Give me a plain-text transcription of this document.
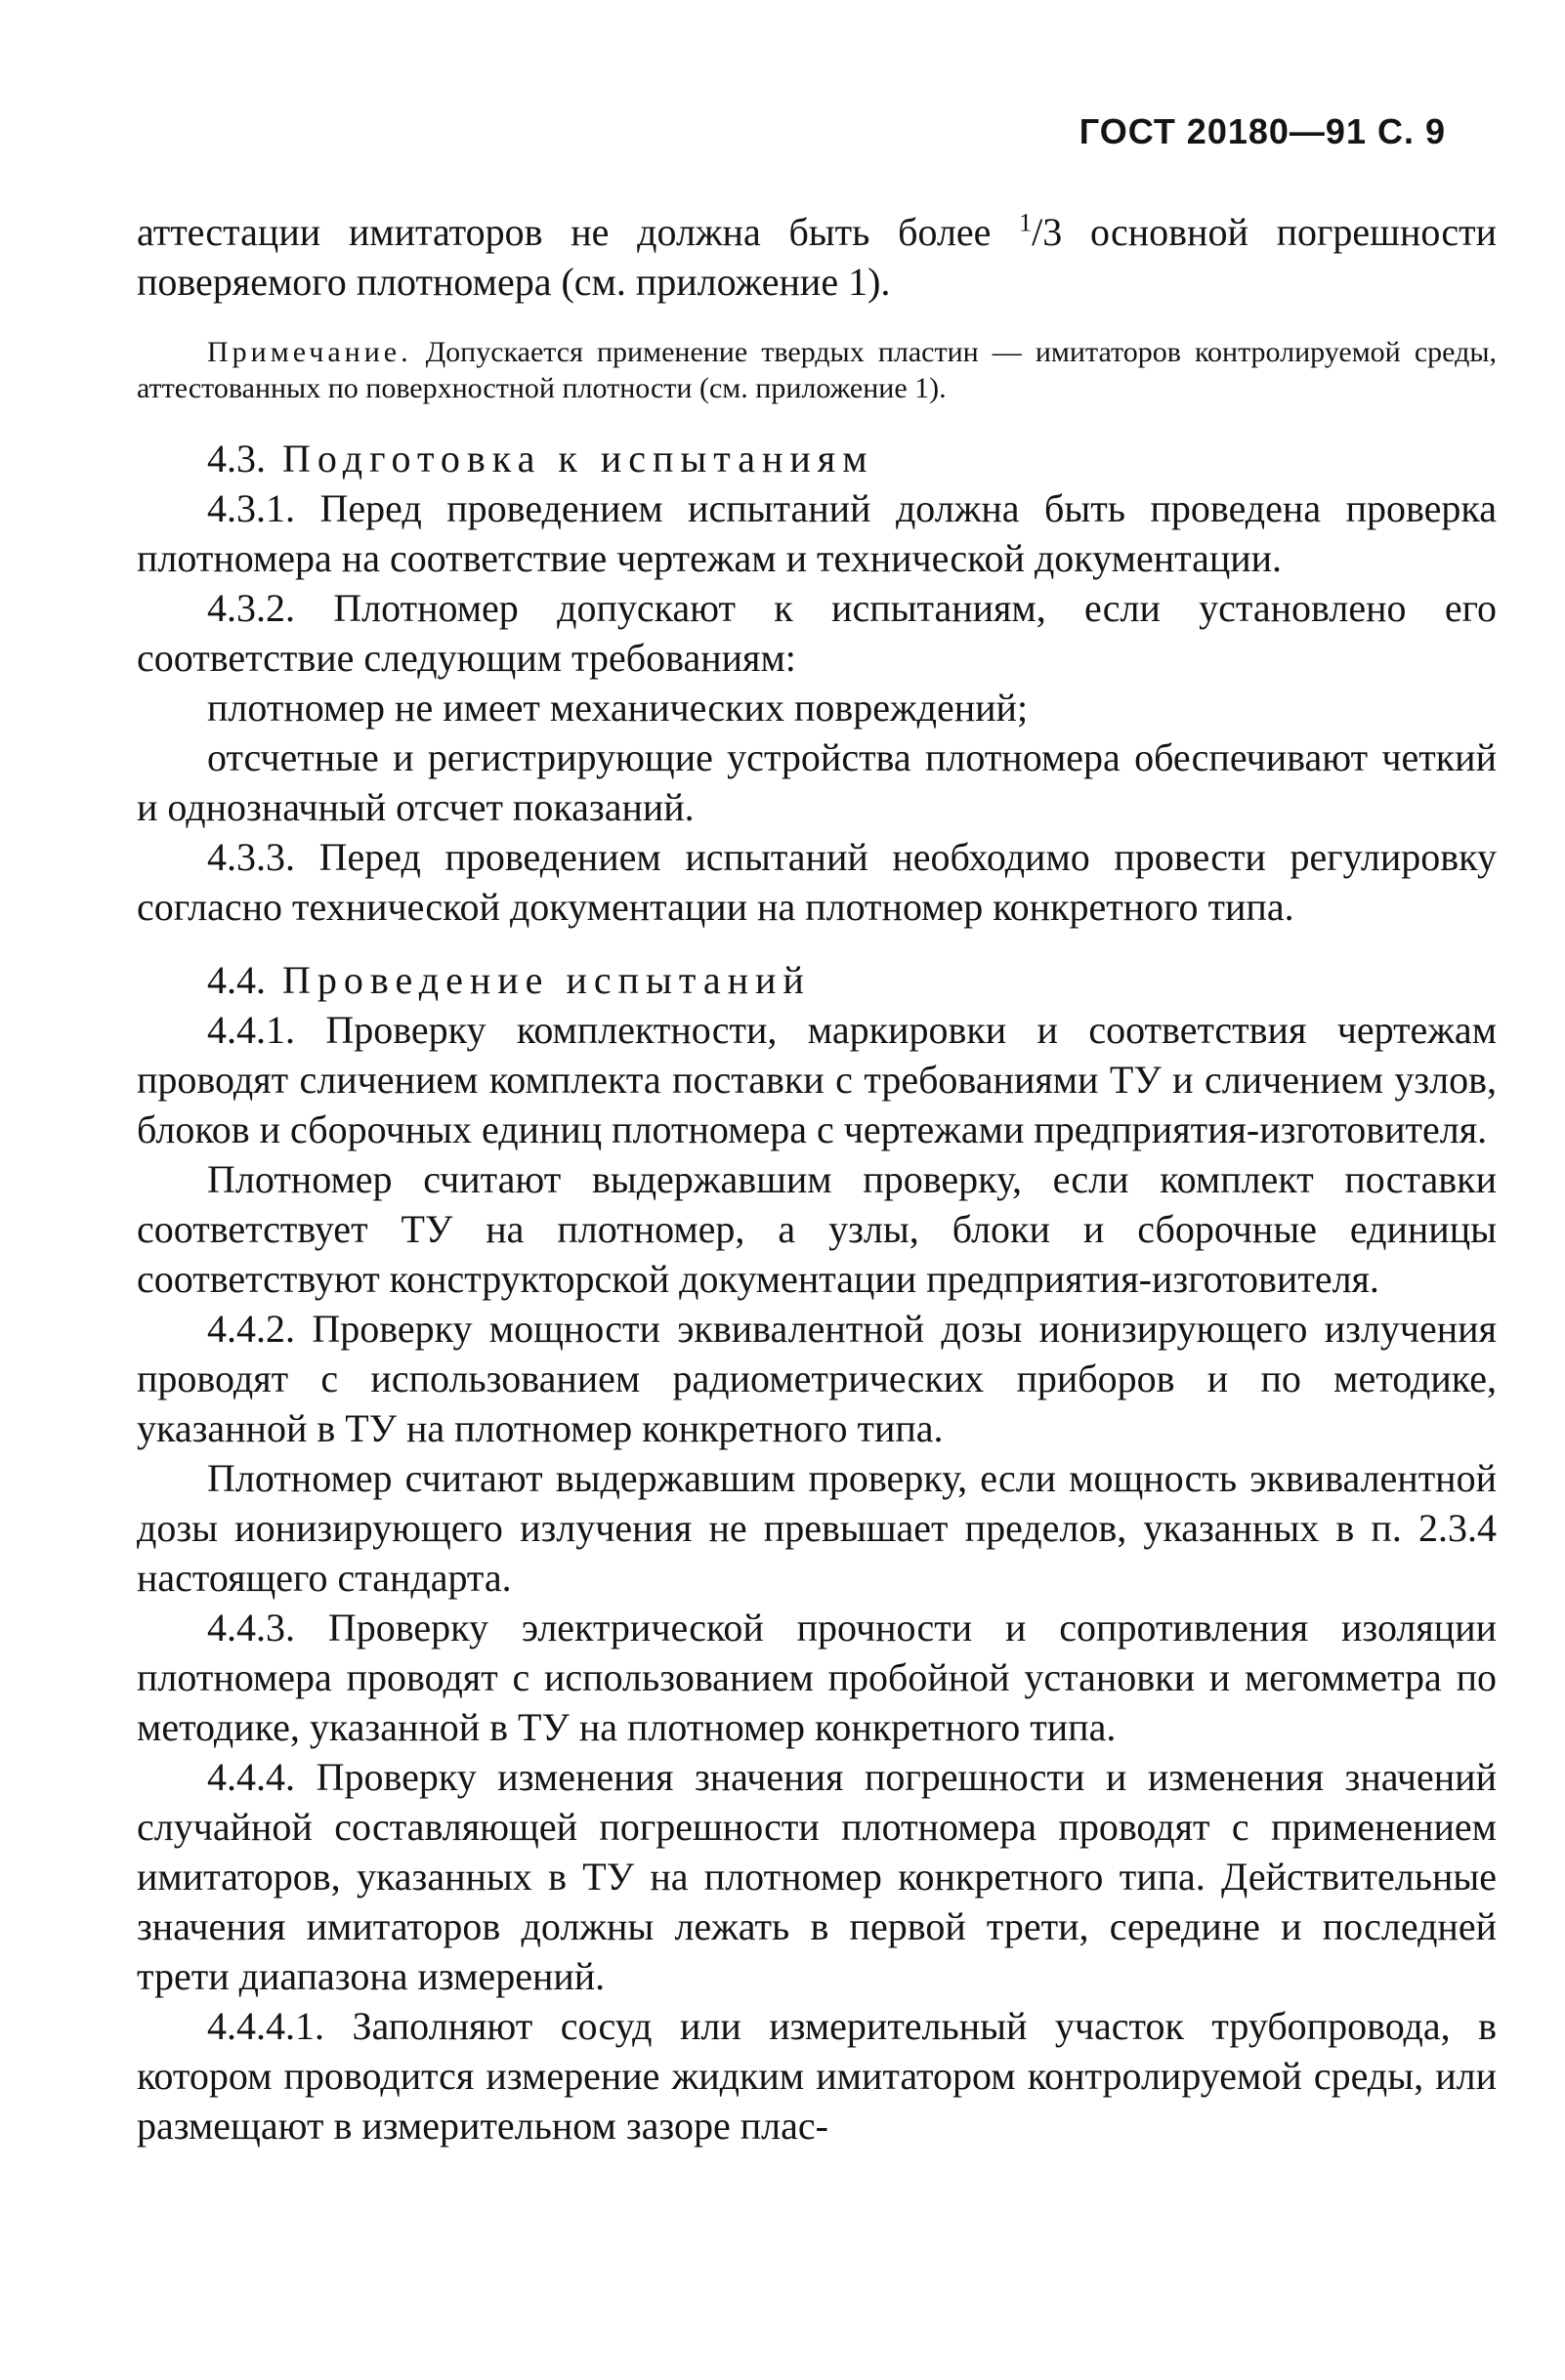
ГОСТ 20180—91 С. 9

аттестации имитаторов не должна быть более $^1$/3 основной погрешности поверяемого плотномера (см. приложение 1).

Примечание. Допускается применение твердых пластин — имитаторов контролируемой среды, аттестованных по поверхностной плотности (см. приложение 1).

4.3. Подготовка к испытаниям

4.3.1. Перед проведением испытаний должна быть проведена проверка плотномера на соответствие чертежам и технической документации.

4.3.2. Плотномер допускают к испытаниям, если установлено его соответствие следующим требованиям:

плотномер не имеет механических повреждений;

отсчетные и регистрирующие устройства плотномера обеспечивают четкий и однозначный отсчет показаний.

4.3.3. Перед проведением испытаний необходимо провести регулировку согласно технической документации на плотномер конкретного типа.

4.4. Проведение испытаний

4.4.1. Проверку комплектности, маркировки и соответствия чертежам проводят сличением комплекта поставки с требованиями ТУ и сличением узлов, блоков и сборочных единиц плотномера с чертежами предприятия-изготовителя.

Плотномер считают выдержавшим проверку, если комплект поставки соответствует ТУ на плотномер, а узлы, блоки и сборочные единицы соответствуют конструкторской документации предприятия-изготовителя.

4.4.2. Проверку мощности эквивалентной дозы ионизирующего излучения проводят с использованием радиометрических приборов и по методике, указанной в ТУ на плотномер конкретного типа.

Плотномер считают выдержавшим проверку, если мощность эквивалентной дозы ионизирующего излучения не превышает пределов, указанных в п. 2.3.4 настоящего стандарта.

4.4.3. Проверку электрической прочности и сопротивления изоляции плотномера проводят с использованием пробойной установки и мегомметра по методике, указанной в ТУ на плотномер конкретного типа.

4.4.4. Проверку изменения значения погрешности и изменения значений случайной составляющей погрешности плотномера проводят с применением имитаторов, указанных в ТУ на плотномер конкретного типа. Действительные значения имитаторов должны лежать в первой трети, середине и последней трети диапазона измерений.

4.4.4.1. Заполняют сосуд или измерительный участок трубопровода, в котором проводится измерение жидким имитатором контролируемой среды, или размещают в измерительном зазоре плас-
